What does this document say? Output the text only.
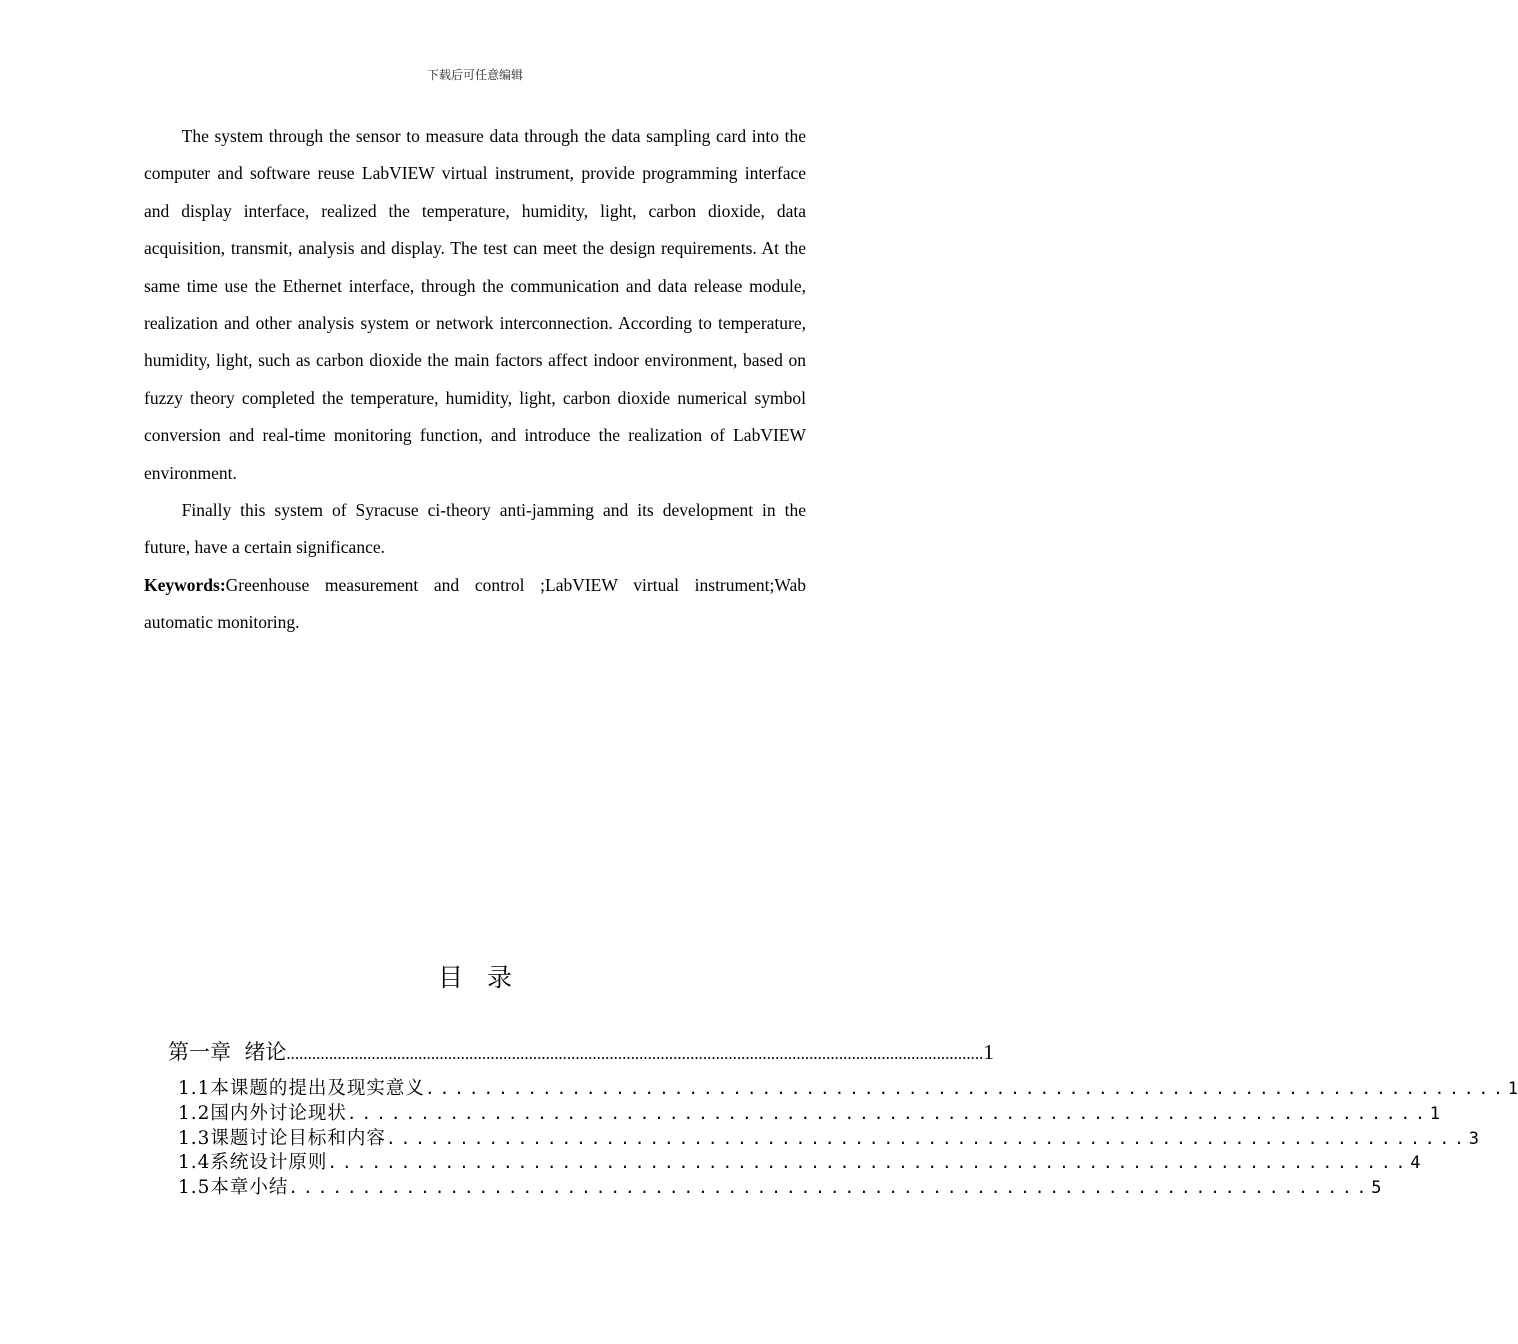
下载后可任意编辑

The system through the sensor to measure data through the data sampling card into the computer and software reuse LabVIEW virtual instrument, provide programming interface and display interface, realized the temperature, humidity, light, carbon dioxide, data acquisition, transmit, analysis and display. The test can meet the design requirements. At the same time use the Ethernet interface, through the communication and data release module, realization and other analysis system or network interconnection. According to temperature, humidity, light, such as carbon dioxide the main factors affect indoor environment, based on fuzzy theory completed the temperature, humidity, light, carbon dioxide numerical symbol conversion and real-time monitoring function, and introduce the realization of LabVIEW environment.

Finally this system of Syracuse ci-theory anti-jamming and its development in the future, have a certain significance.

Keywords:Greenhouse measurement and control ;LabVIEW virtual instrument;Wab automatic monitoring.

目录
第一章  绪论 .................................................................................................................................................................... 1
1.1本课题的提出及现实意义 .......................................................................... 1
1.2国内外讨论现状 .......................................................................... 1
1.3课题讨论目标和内容 .......................................................................... 3
1.4系统设计原则 .......................................................................... 4
1.5本章小结 .......................................................................... 5
